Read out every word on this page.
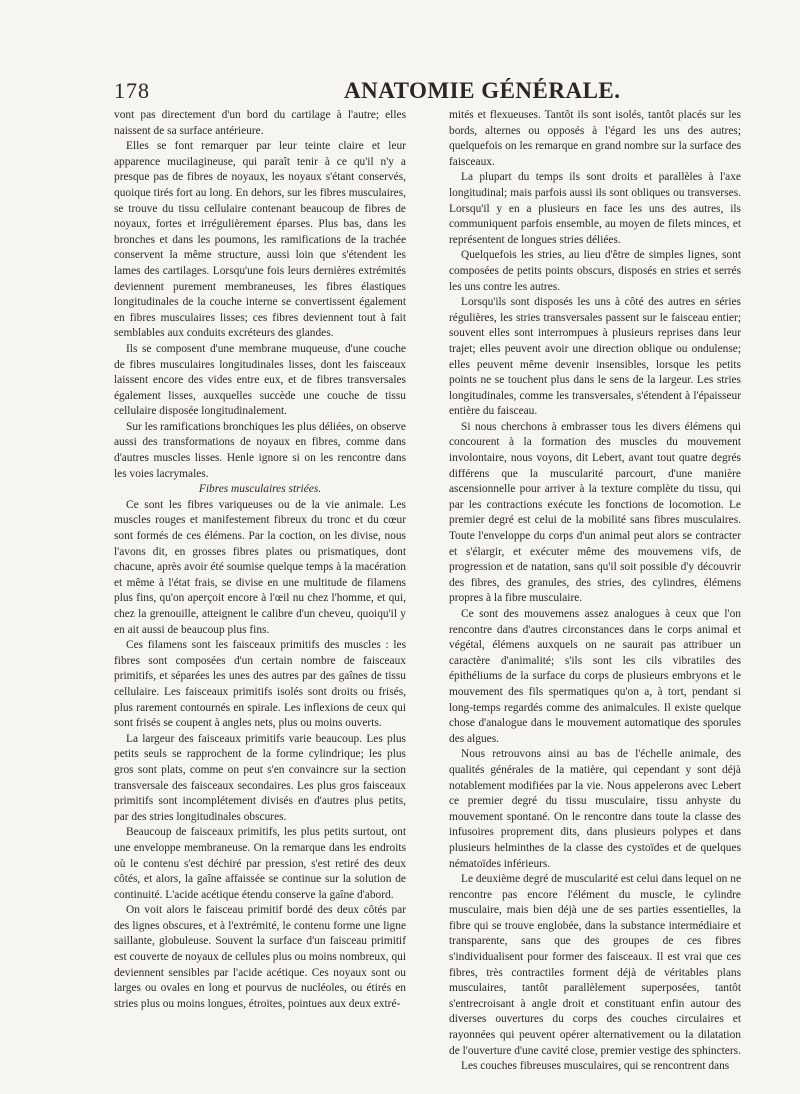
178	ANATOMIE GÉNÉRALE.

vont pas directement d'un bord du cartilage à l'autre; elles naissent de sa surface antérieure.

Elles se font remarquer par leur teinte claire et leur apparence mucilagineuse, qui paraît tenir à ce qu'il n'y a presque pas de fibres de noyaux, les noyaux s'étant conservés, quoique tirés fort au long. En dehors, sur les fibres musculaires, se trouve du tissu cellulaire contenant beaucoup de fibres de noyaux, fortes et irrégulièrement éparses. Plus bas, dans les bronches et dans les poumons, les ramifications de la trachée conservent la même structure, aussi loin que s'étendent les lames des cartilages. Lorsqu'une fois leurs dernières extrémités deviennent purement membraneuses, les fibres élastiques longitudinales de la couche interne se convertissent également en fibres musculaires lisses; ces fibres deviennent tout à fait semblables aux conduits excréteurs des glandes.

Ils se composent d'une membrane muqueuse, d'une couche de fibres musculaires longitudinales lisses, dont les faisceaux laissent encore des vides entre eux, et de fibres transversales également lisses, auxquelles succède une couche de tissu cellulaire disposée longitudinalement.

Sur les ramifications bronchiques les plus déliées, on observe aussi des transformations de noyaux en fibres, comme dans d'autres muscles lisses. Henle ignore si on les rencontre dans les voies lacrymales.

Fibres musculaires striées.

Ce sont les fibres variqueuses ou de la vie animale. Les muscles rouges et manifestement fibreux du tronc et du cœur sont formés de ces élémens. Par la coction, on les divise, nous l'avons dit, en grosses fibres plates ou prismatiques, dont chacune, après avoir été soumise quelque temps à la macération et même à l'état frais, se divise en une multitude de filamens plus fins, qu'on aperçoit encore à l'œil nu chez l'homme, et qui, chez la grenouille, atteignent le calibre d'un cheveu, quoiqu'il y en ait aussi de beaucoup plus fins.

Ces filamens sont les faisceaux primitifs des muscles : les fibres sont composées d'un certain nombre de faisceaux primitifs, et séparées les unes des autres par des gaînes de tissu cellulaire. Les faisceaux primitifs isolés sont droits ou frisés, plus rarement contournés en spirale. Les inflexions de ceux qui sont frisés se coupent à angles nets, plus ou moins ouverts.

La largeur des faisceaux primitifs varie beaucoup. Les plus petits seuls se rapprochent de la forme cylindrique; les plus gros sont plats, comme on peut s'en convaincre sur la section transversale des faisceaux secondaires. Les plus gros faisceaux primitifs sont incomplétement divisés en d'autres plus petits, par des stries longitudinales obscures.

Beaucoup de faisceaux primitifs, les plus petits surtout, ont une enveloppe membraneuse. On la remarque dans les endroits où le contenu s'est déchiré par pression, s'est retiré des deux côtés, et alors, la gaîne affaissée se continue sur la solution de continuité. L'acide acétique étendu conserve la gaîne d'abord.

On voit alors le faisceau primitif bordé des deux côtés par des lignes obscures, et à l'extrémité, le contenu forme une ligne saillante, globuleuse. Souvent la surface d'un faisceau primitif est couverte de noyaux de cellules plus ou moins nombreux, qui deviennent sensibles par l'acide acétique. Ces noyaux sont ou larges ou ovales en long et pourvus de nucléoles, ou étirés en stries plus ou moins longues, étroites, pointues aux deux extré-

mités et flexueuses. Tantôt ils sont isolés, tantôt placés sur les bords, alternes ou opposés à l'égard les uns des autres; quelquefois on les remarque en grand nombre sur la surface des faisceaux.

La plupart du temps ils sont droits et parallèles à l'axe longitudinal; mais parfois aussi ils sont obliques ou transverses. Lorsqu'il y en a plusieurs en face les uns des autres, ils communiquent parfois ensemble, au moyen de filets minces, et représentent de longues stries déliées.

Quelquefois les stries, au lieu d'être de simples lignes, sont composées de petits points obscurs, disposés en stries et serrés les uns contre les autres.

Lorsqu'ils sont disposés les uns à côté des autres en séries régulières, les stries transversales passent sur le faisceau entier; souvent elles sont interrompues à plusieurs reprises dans leur trajet; elles peuvent avoir une direction oblique ou ondulense; elles peuvent même devenir insensibles, lorsque les petits points ne se touchent plus dans le sens de la largeur. Les stries longitudinales, comme les transversales, s'étendent à l'épaisseur entière du faisceau.

Si nous cherchons à embrasser tous les divers élémens qui concourent à la formation des muscles du mouvement involontaire, nous voyons, dit Lebert, avant tout quatre degrés différens que la muscularité parcourt, d'une manière ascensionnelle pour arriver à la texture complète du tissu, qui par les contractions exécute les fonctions de locomotion. Le premier degré est celui de la mobilité sans fibres musculaires. Toute l'enveloppe du corps d'un animal peut alors se contracter et s'élargir, et exécuter même des mouvemens vifs, de progression et de natation, sans qu'il soit possible d'y découvrir des fibres, des granules, des stries, des cylindres, élémens propres à la fibre musculaire.

Ce sont des mouvemens assez analogues à ceux que l'on rencontre dans d'autres circonstances dans le corps animal et végétal, élémens auxquels on ne saurait pas attribuer un caractère d'animalité; s'ils sont les cils vibratiles des épithéliums de la surface du corps de plusieurs embryons et le mouvement des fils spermatiques qu'on a, à tort, pendant si long-temps regardés comme des animalcules. Il existe quelque chose d'analogue dans le mouvement automatique des sporules des algues.

Nous retrouvons ainsi au bas de l'échelle animale, des qualités générales de la matière, qui cependant y sont déjà notablement modifiées par la vie. Nous appelerons avec Lebert ce premier degré du tissu musculaire, tissu anhyste du mouvement spontané. On le rencontre dans toute la classe des infusoires proprement dits, dans plusieurs polypes et dans plusieurs helminthes de la classe des cystoïdes et de quelques nématoïdes inférieurs.

Le deuxième degré de muscularité est celui dans lequel on ne rencontre pas encore l'élément du muscle, le cylindre musculaire, mais bien déjà une de ses parties essentielles, la fibre qui se trouve englobée, dans la substance intermédiaire et transparente, sans que des groupes de ces fibres s'individualisent pour former des faisceaux. Il est vrai que ces fibres, très contractiles forment déjà de véritables plans musculaires, tantôt parallèlement superposées, tantôt s'entrecroisant à angle droit et constituant enfin autour des diverses ouvertures du corps des couches circulaires et rayonnées qui peuvent opérer alternativement ou la dilatation de l'ouverture d'une cavité close, premier vestige des sphincters.

Les couches fibreuses musculaires, qui se rencontrent dans
